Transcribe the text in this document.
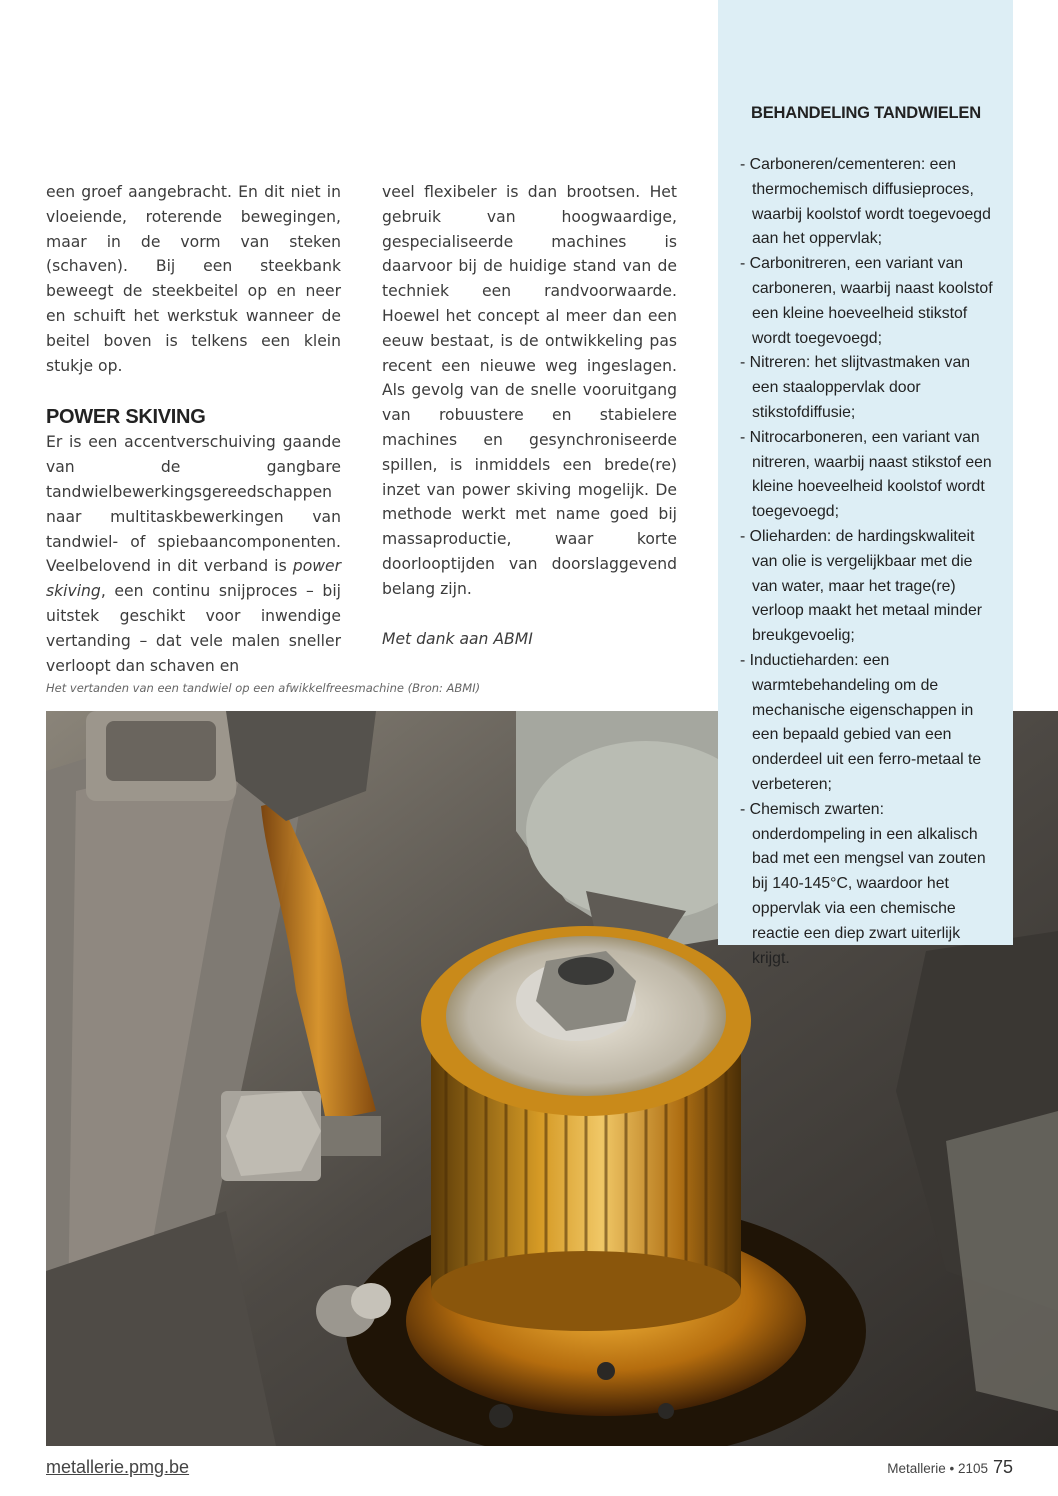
een groef aangebracht. En dit niet in vloeiende, roterende bewegingen, maar in de vorm van steken (schaven). Bij een steekbank beweegt de steekbeitel op en neer en schuift het werkstuk wanneer de beitel boven is telkens een klein stukje op.

POWER SKIVING

Er is een accentverschuiving gaande van de gangbare tandwielbewerkingsgereedschappen naar multitaskbewerkingen van tandwiel- of spiebaancomponenten. Veelbelovend in dit verband is power skiving, een continu snijproces – bij uitstek geschikt voor inwendige vertanding – dat vele malen sneller verloopt dan schaven en

veel flexibeler is dan brootsen. Het gebruik van hoogwaardige, gespecialiseerde machines is daarvoor bij de huidige stand van de techniek een randvoorwaarde. Hoewel het concept al meer dan een eeuw bestaat, is de ontwikkeling pas recent een nieuwe weg ingeslagen. Als gevolg van de snelle vooruitgang van robuustere en stabielere machines en gesynchroniseerde spillen, is inmiddels een brede(re) inzet van power skiving mogelijk. De methode werkt met name goed bij massaproductie, waar korte doorlooptijden van doorslaggevend belang zijn.

Met dank aan ABMI

Het vertanden van een tandwiel op een afwikkelfreesmachine (Bron: ABMI)
BEHANDELING TANDWIELEN
- Carboneren/cementeren: een thermochemisch diffusieproces, waarbij koolstof wordt toegevoegd aan het oppervlak;
- Carbonitreren, een variant van carboneren, waarbij naast koolstof een kleine hoeveelheid stikstof wordt toegevoegd;
- Nitreren: het slijtvastmaken van een staaloppervlak door stikstofdiffusie;
- Nitrocarboneren, een variant van nitreren, waarbij naast stikstof een kleine hoeveelheid koolstof wordt toegevoegd;
- Olieharden: de hardingskwaliteit van olie is vergelijkbaar met die van water, maar het trage(re) verloop maakt het metaal minder breukgevoelig;
- Inductieharden: een warmtebehandeling om de mechanische eigenschappen in een bepaald gebied van een onderdeel uit een ferro-metaal te verbeteren;
- Chemisch zwarten: onderdompeling in een alkalisch bad met een mengsel van zouten bij 140-145°C, waardoor het oppervlak via een chemische reactie een diep zwart uiterlijk krijgt.
metallerie.pmg.be	Metallerie • 2105 75
